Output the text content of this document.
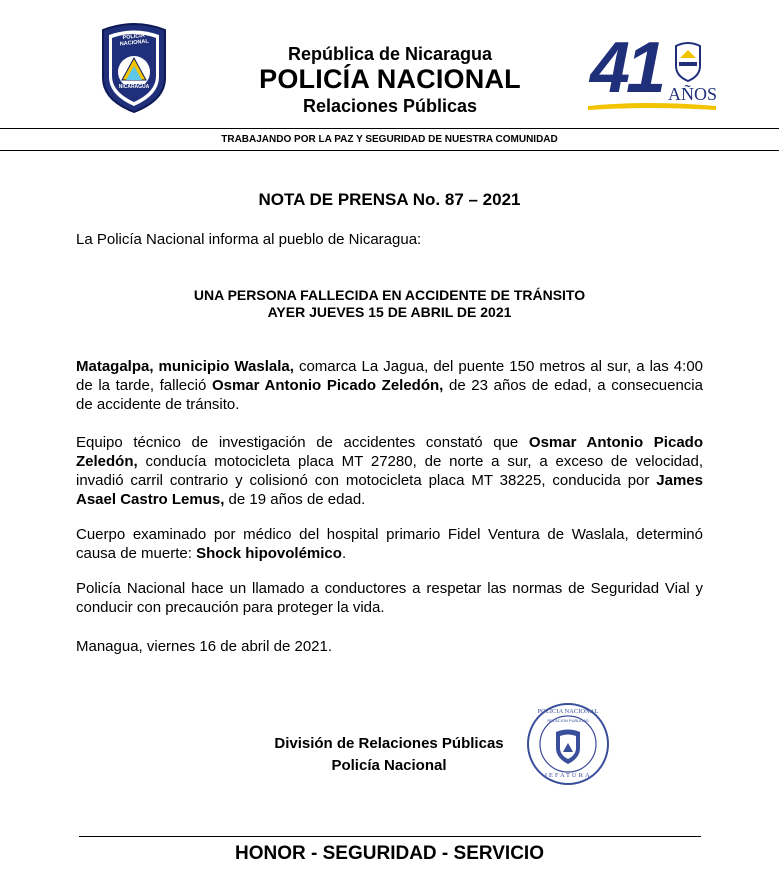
POLICIA NACIONAL
NICARAGUA
República de Nicaragua
POLICÍA NACIONAL
Relaciones Públicas	41 AÑOS
TRABAJANDO POR LA PAZ Y SEGURIDAD DE NUESTRA COMUNIDAD
NOTA DE PRENSA No. 87 – 2021
La Policía Nacional informa al pueblo de Nicaragua:
UNA PERSONA FALLECIDA EN ACCIDENTE DE TRÁNSITO
AYER JUEVES 15 DE ABRIL DE 2021
Matagalpa, municipio Waslala, comarca La Jagua, del puente 150 metros al sur, a las 4:00 de la tarde, falleció Osmar Antonio Picado Zeledón, de 23 años de edad, a consecuencia de accidente de tránsito.
Equipo técnico de investigación de accidentes constató que Osmar Antonio Picado Zeledón, conducía motocicleta placa MT 27280, de norte a sur, a exceso de velocidad, invadió carril contrario y colisionó con motocicleta placa MT 38225, conducida por James Asael Castro Lemus, de 19 años de edad.
Cuerpo examinado por médico del hospital primario Fidel Ventura de Waslala, determinó causa de muerte: Shock hipovolémico.
Policía Nacional hace un llamado a conductores a respetar las normas de Seguridad Vial y conducir con precaución para proteger la vida.
Managua, viernes 16 de abril de 2021.
División de Relaciones Públicas
Policía Nacional
POLICIA NACIONAL
RELACION PUBLICAS
JEFATURA
HONOR - SEGURIDAD - SERVICIO
